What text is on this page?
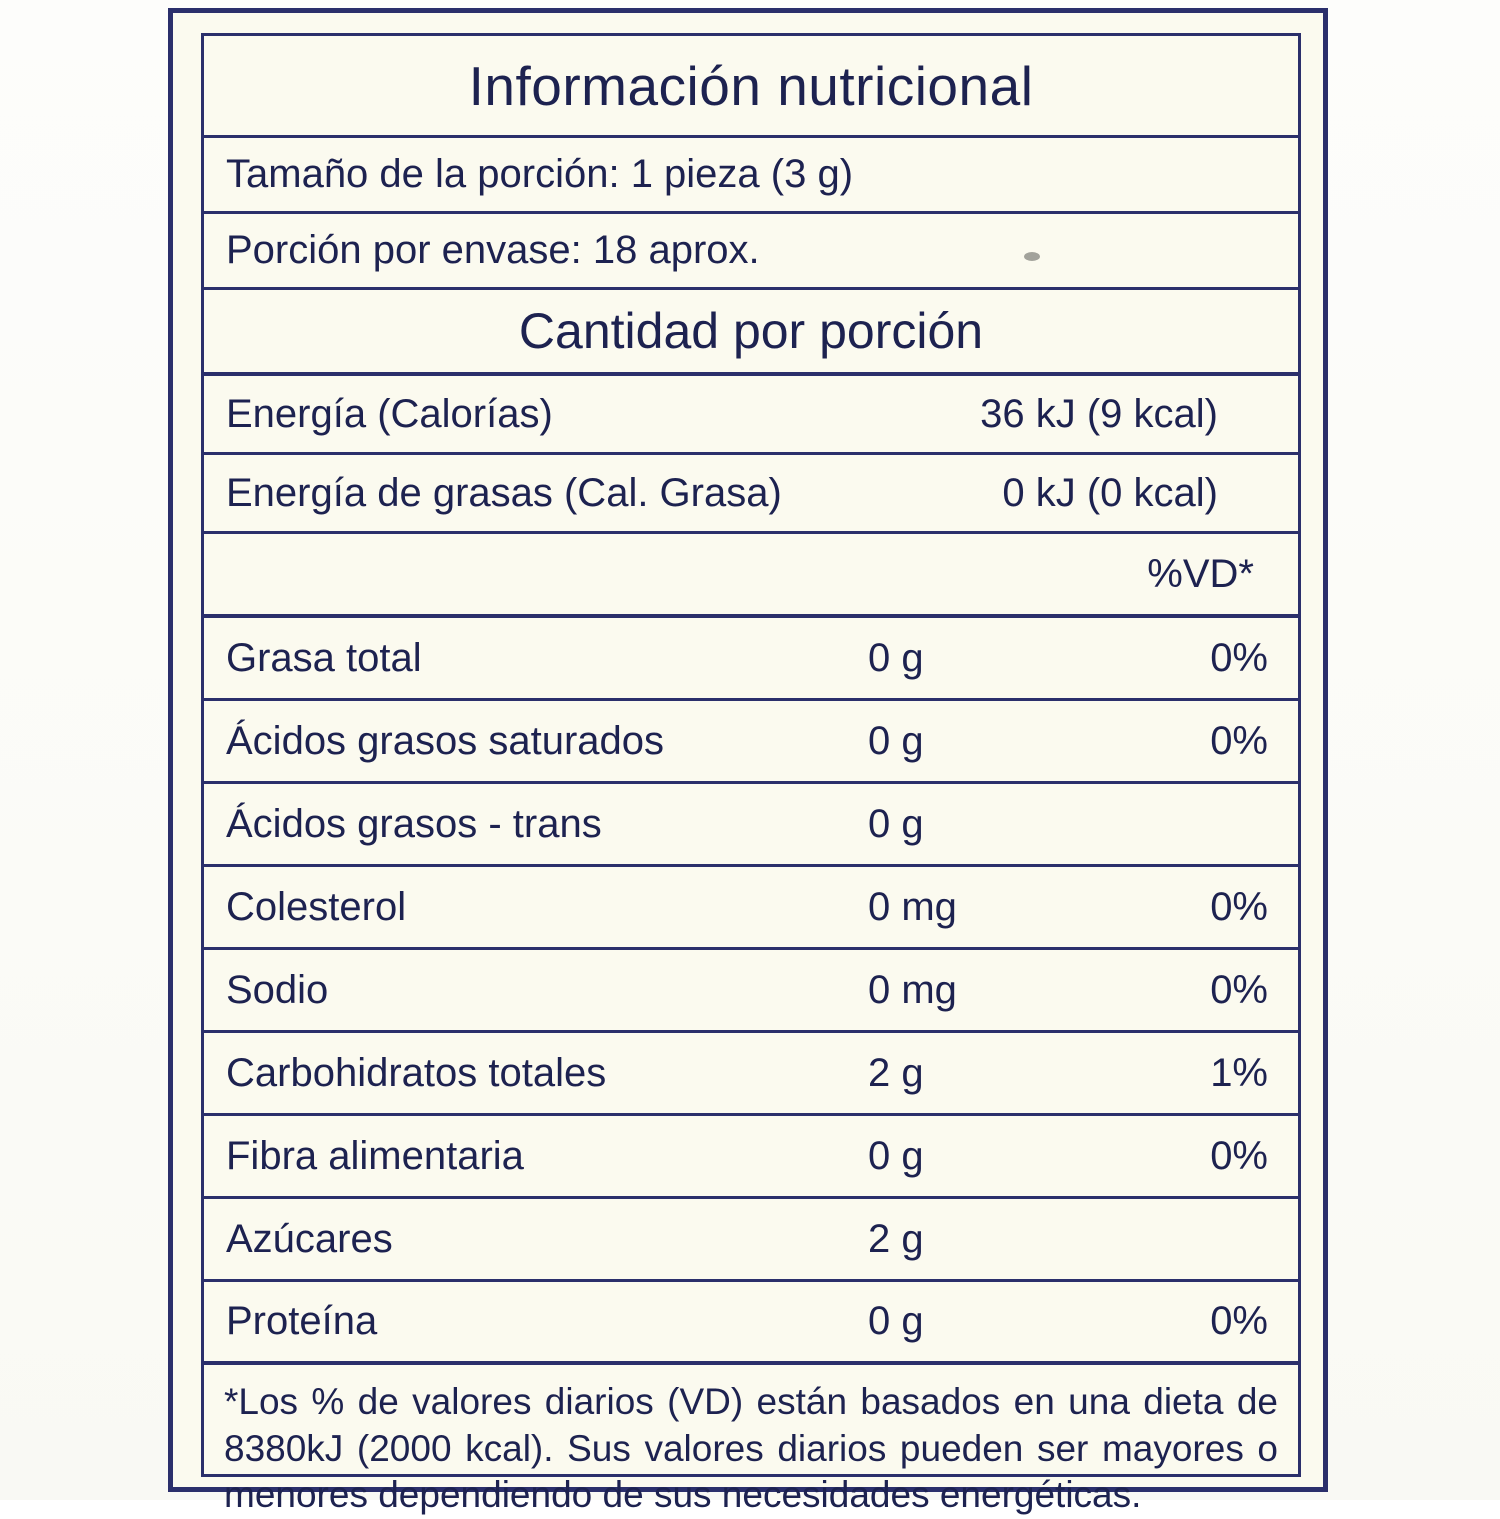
Información nutricional
Tamaño de la porción: 1 pieza (3 g)
Porción por envase: 18 aprox.
Cantidad por porción
Energía (Calorías)	36 kJ (9 kcal)
Energía de grasas (Cal. Grasa)	0 kJ (0 kcal)
%VD*
Grasa total	0 g	0%
Ácidos grasos saturados	0 g	0%
Ácidos grasos - trans	0 g
Colesterol	0 mg	0%
Sodio	0 mg	0%
Carbohidratos totales	2 g	1%
Fibra alimentaria	0 g	0%
Azúcares	2 g
Proteína	0 g	0%
*Los % de valores diarios (VD) están basados en una dieta de 8380kJ (2000 kcal). Sus valores diarios pueden ser mayores o menores dependiendo de sus necesidades energéticas.
